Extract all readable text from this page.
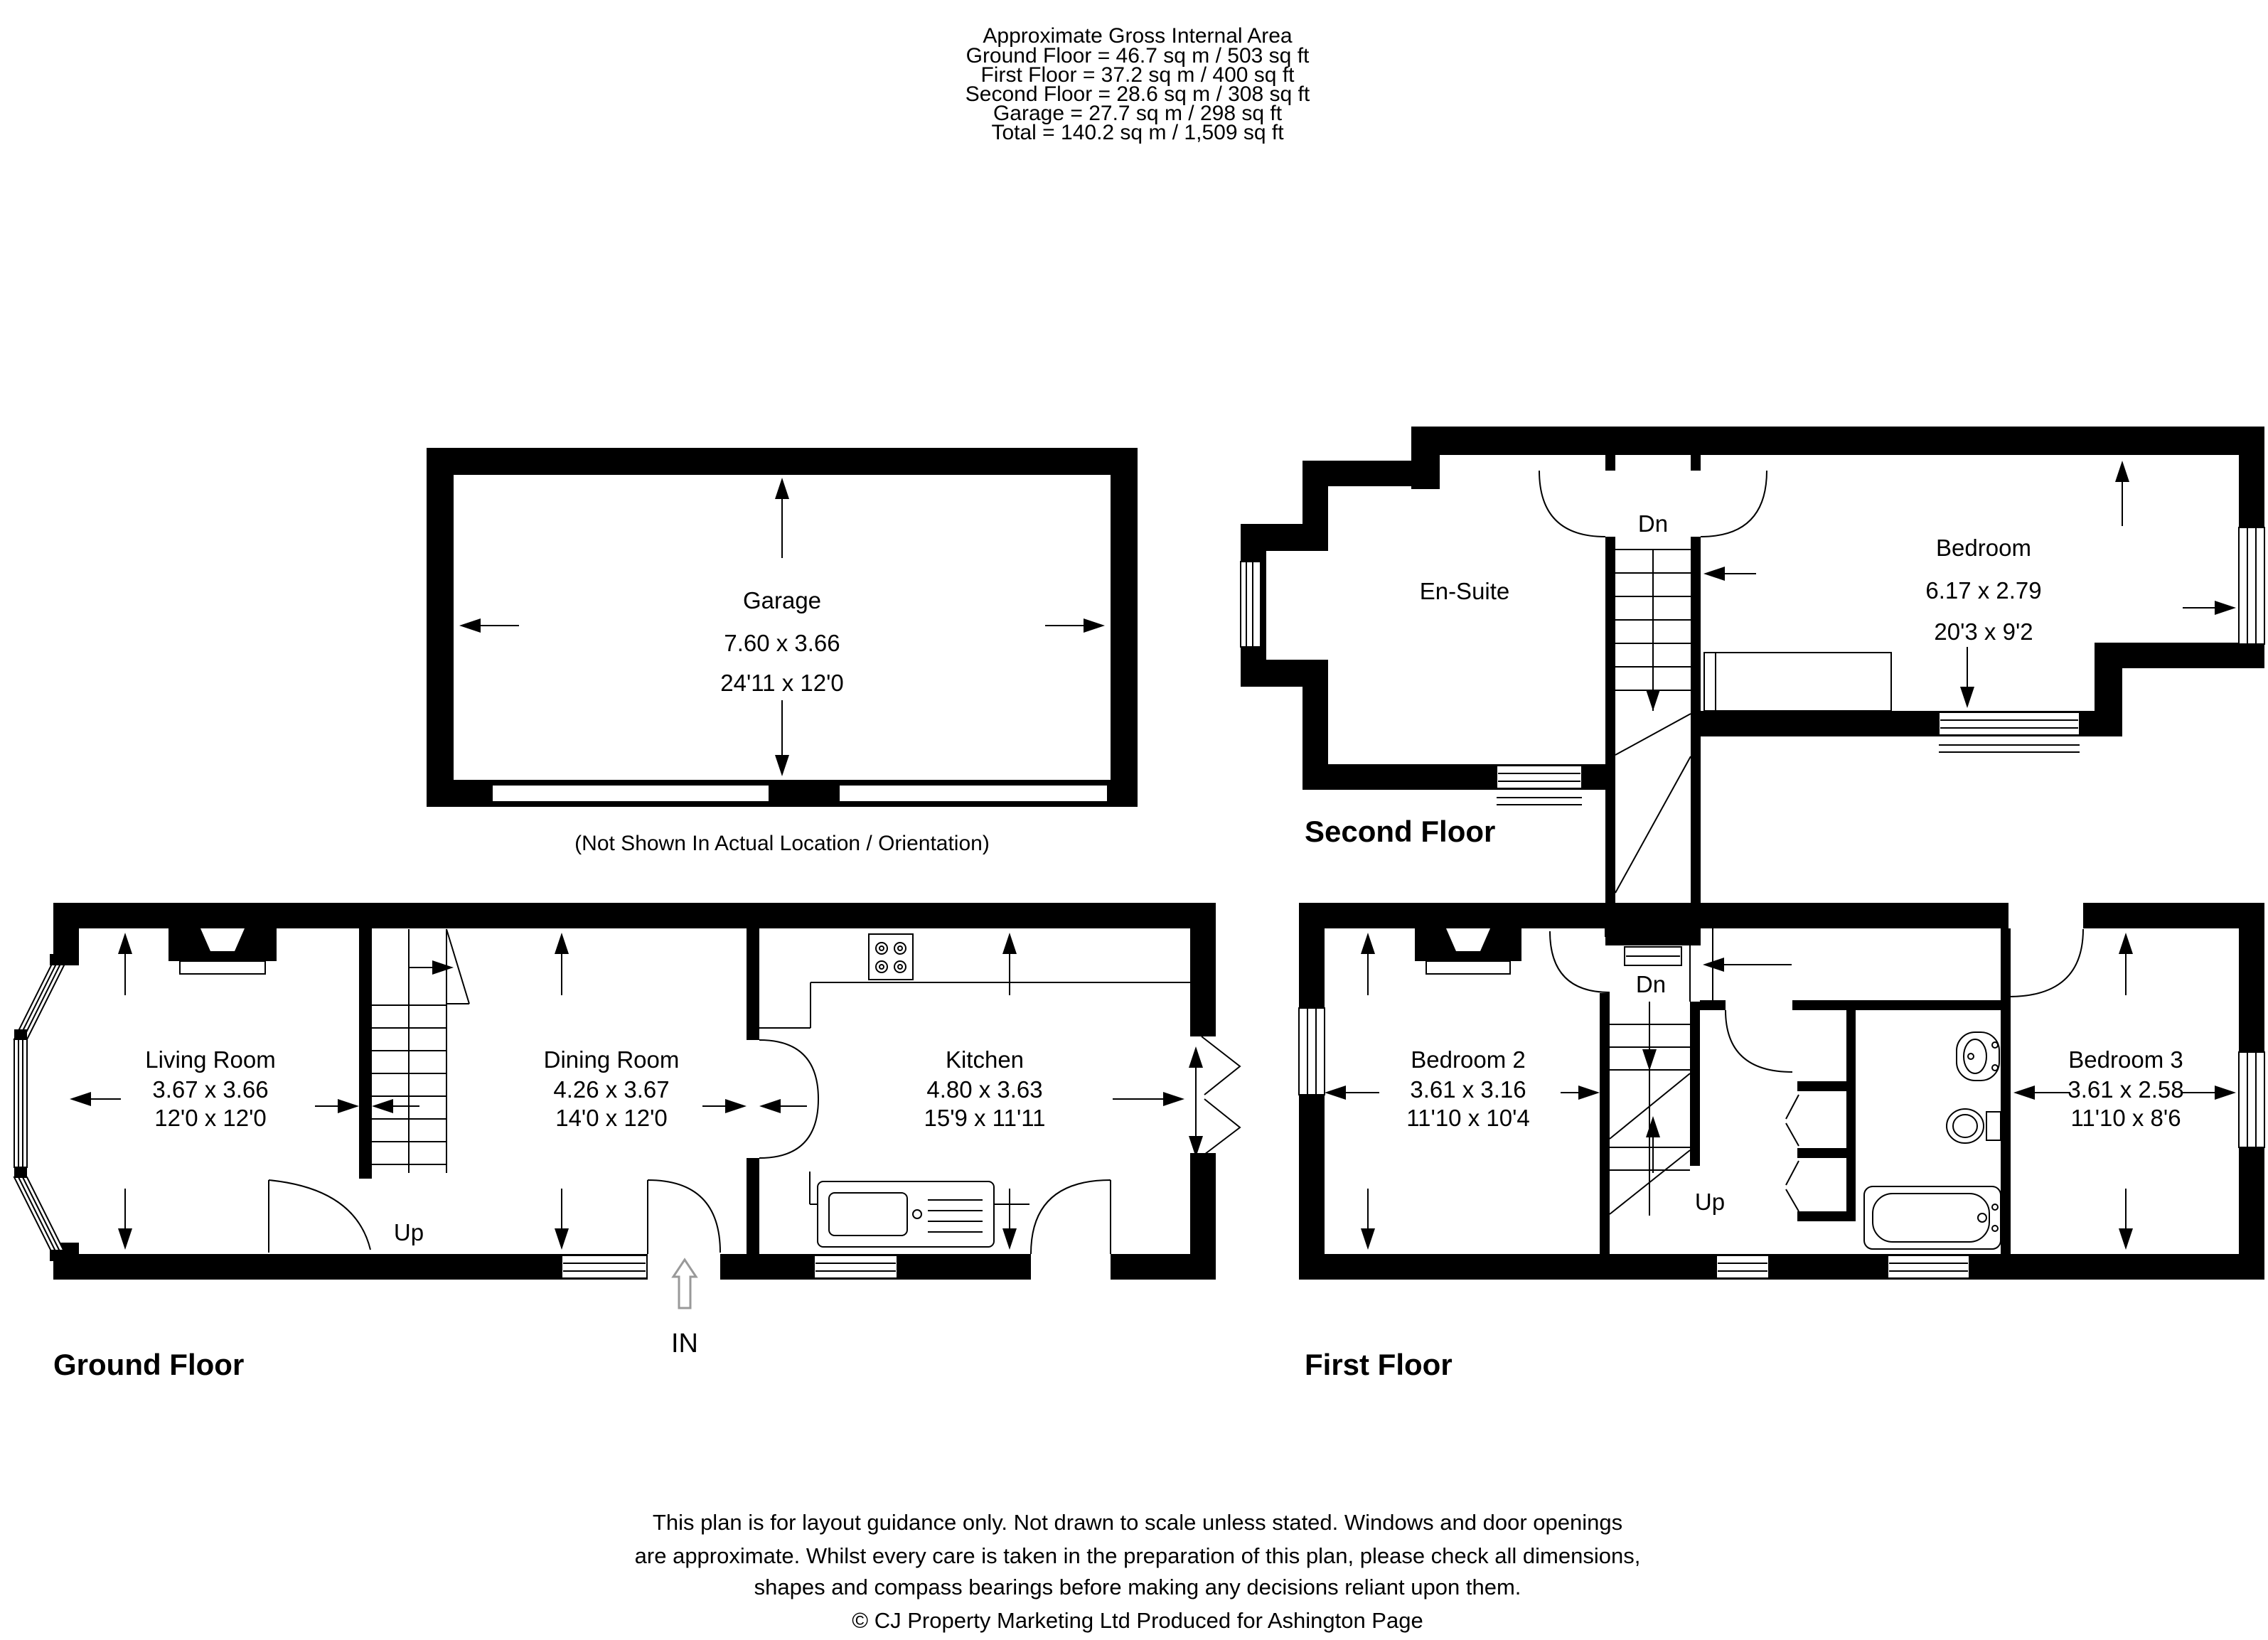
Approximate Gross Internal Area
Ground Floor = 46.7 sq m / 503 sq ft
First Floor = 37.2 sq m / 400 sq ft
Second Floor = 28.6 sq m / 308 sq ft
Garage = 27.7 sq m / 298 sq ft
Total = 140.2 sq m / 1,509 sq ft
Garage
7.60 x 3.66
24'11 x 12'0
(Not Shown In Actual Location / Orientation)
Dn
En-Suite
Bedroom
6.17 x 2.79
20'3 x 9'2
Second Floor
Up
IN
Living Room
3.67 x 3.66
12'0 x 12'0
Dining Room
4.26 x 3.67
14'0 x 12'0
Kitchen
4.80 x 3.63
15'9 x 11'11
Ground Floor
Dn
Up
Bedroom 2
3.61 x 3.16
11'10 x 10'4
Bedroom 3
3.61 x 2.58
11'10 x 8'6
First Floor
This plan is for layout guidance only. Not drawn to scale unless stated. Windows and door openings
are approximate. Whilst every care is taken in the preparation of this plan, please check all dimensions,
shapes and compass bearings before making any decisions reliant upon them.
© CJ Property Marketing Ltd Produced for Ashington Page
